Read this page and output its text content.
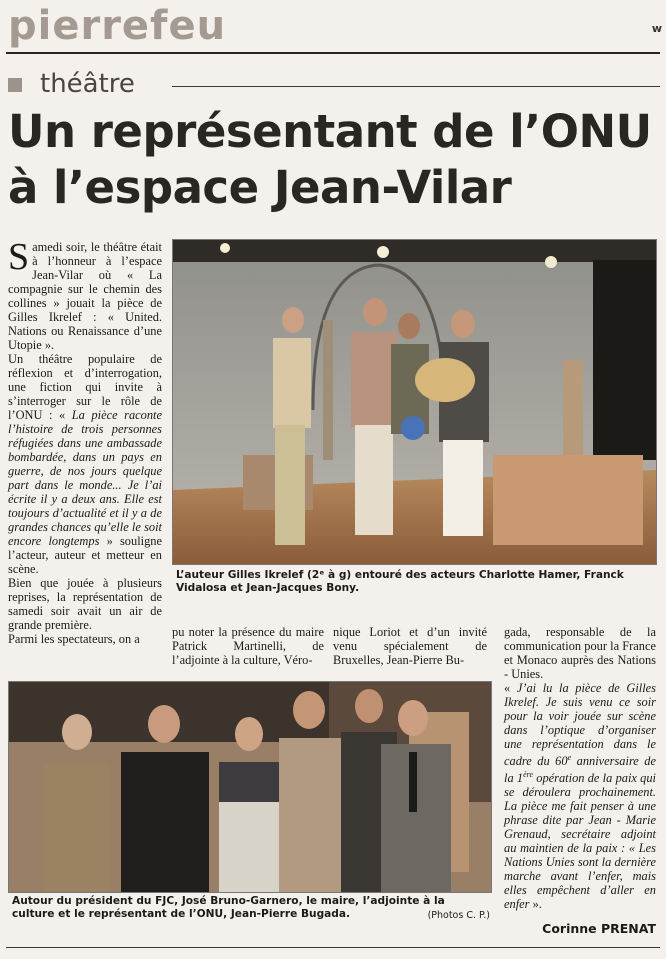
pierrefeu	w
théâtre
Un représentant de l’ONU
à l’espace Jean-Vilar

Samedi soir, le théâtre était à l’honneur à l’espace Jean-Vilar où « La compagnie sur le chemin des collines » jouait la pièce de Gilles Ikrelef : « United. Nations ou Renaissance d’une Utopie ».

Un théâtre populaire de réflexion et d’interrogation, une fiction qui invite à s’interroger sur le rôle de l’ONU : « La pièce raconte l’histoire de trois personnes réfugiées dans une ambassade bombardée, dans un pays en guerre, de nos jours quelque part dans le monde... Je l’ai écrite il y a deux ans. Elle est toujours d’actualité et il y a de grandes chances qu’elle le soit encore longtemps » souligne l’acteur, auteur et metteur en scène.

Bien que jouée à plusieurs reprises, la représentation de samedi soir avait un air de grande première.

Parmi les spectateurs, on a

L’auteur Gilles Ikrelef (2ᵉ à g) entouré des acteurs Charlotte Hamer, Franck Vidalosa et Jean-Jacques Bony.
pu noter la présence du maire Patrick Martinelli, de l’adjointe à la culture, Véro-
nique Loriot et d’un invité venu spécialement de Bruxelles, Jean-Pierre Bu-

gada, responsable de la communication pour la France et Monaco auprès des Nations - Unies.

« J’ai lu la pièce de Gilles Ikrelef. Je suis venu ce soir pour la voir jouée sur scène dans l’optique d’organiser une représentation dans le cadre du 60e anniversaire de la 1ère opération de la paix qui se déroulera prochainement. La pièce me fait penser à une phrase dite par Jean - Marie Grenaud, secrétaire adjoint au maintien de la paix : « Les Nations Unies sont la dernière marche avant l’enfer, mais elles empêchent d’aller en enfer ».

Corinne PRENAT
Autour du président du FJC, José Bruno-Garnero, le maire, l’adjointe à la culture et le représentant de l’ONU, Jean-Pierre Bugada.	(Photos C. P.)
